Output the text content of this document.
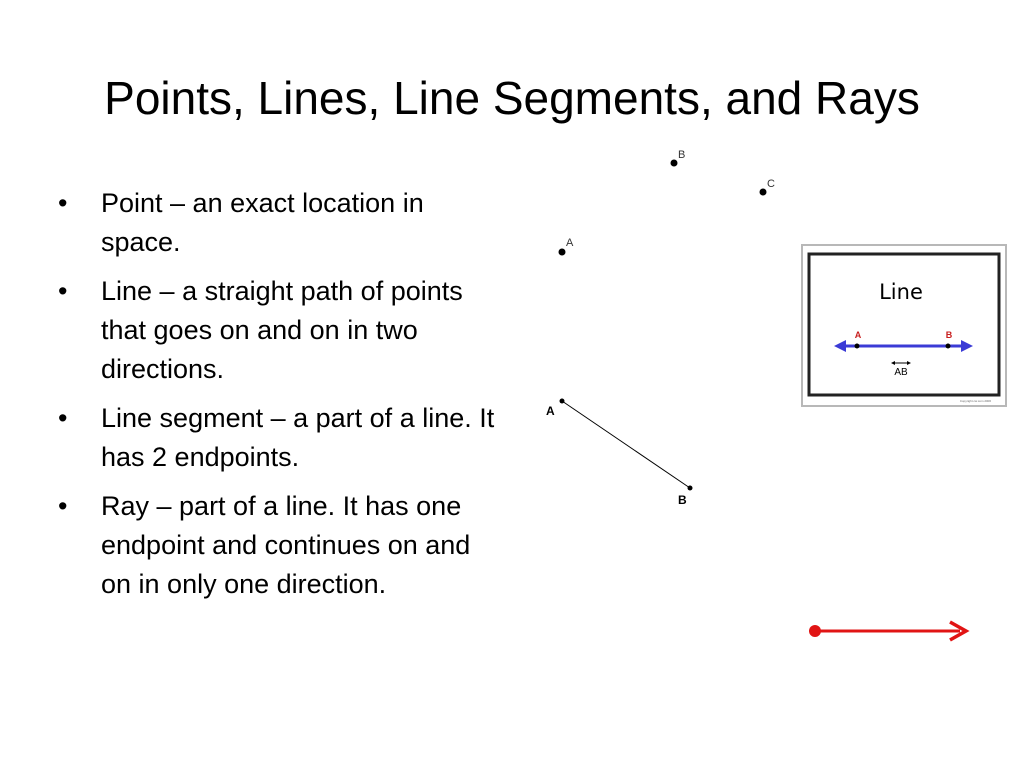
Points, Lines, Line Segments, and Rays
• Point – an exact location in space.
• Line – a straight path of points that goes on and on in two directions.
• Line segment – a part of a line. It has 2 endpoints.
• Ray – part of a line. It has one endpoint and continues on and on in only one direction.
B
C
A
Line
A	B
AB
Copyright cw.com 2006
A
B
